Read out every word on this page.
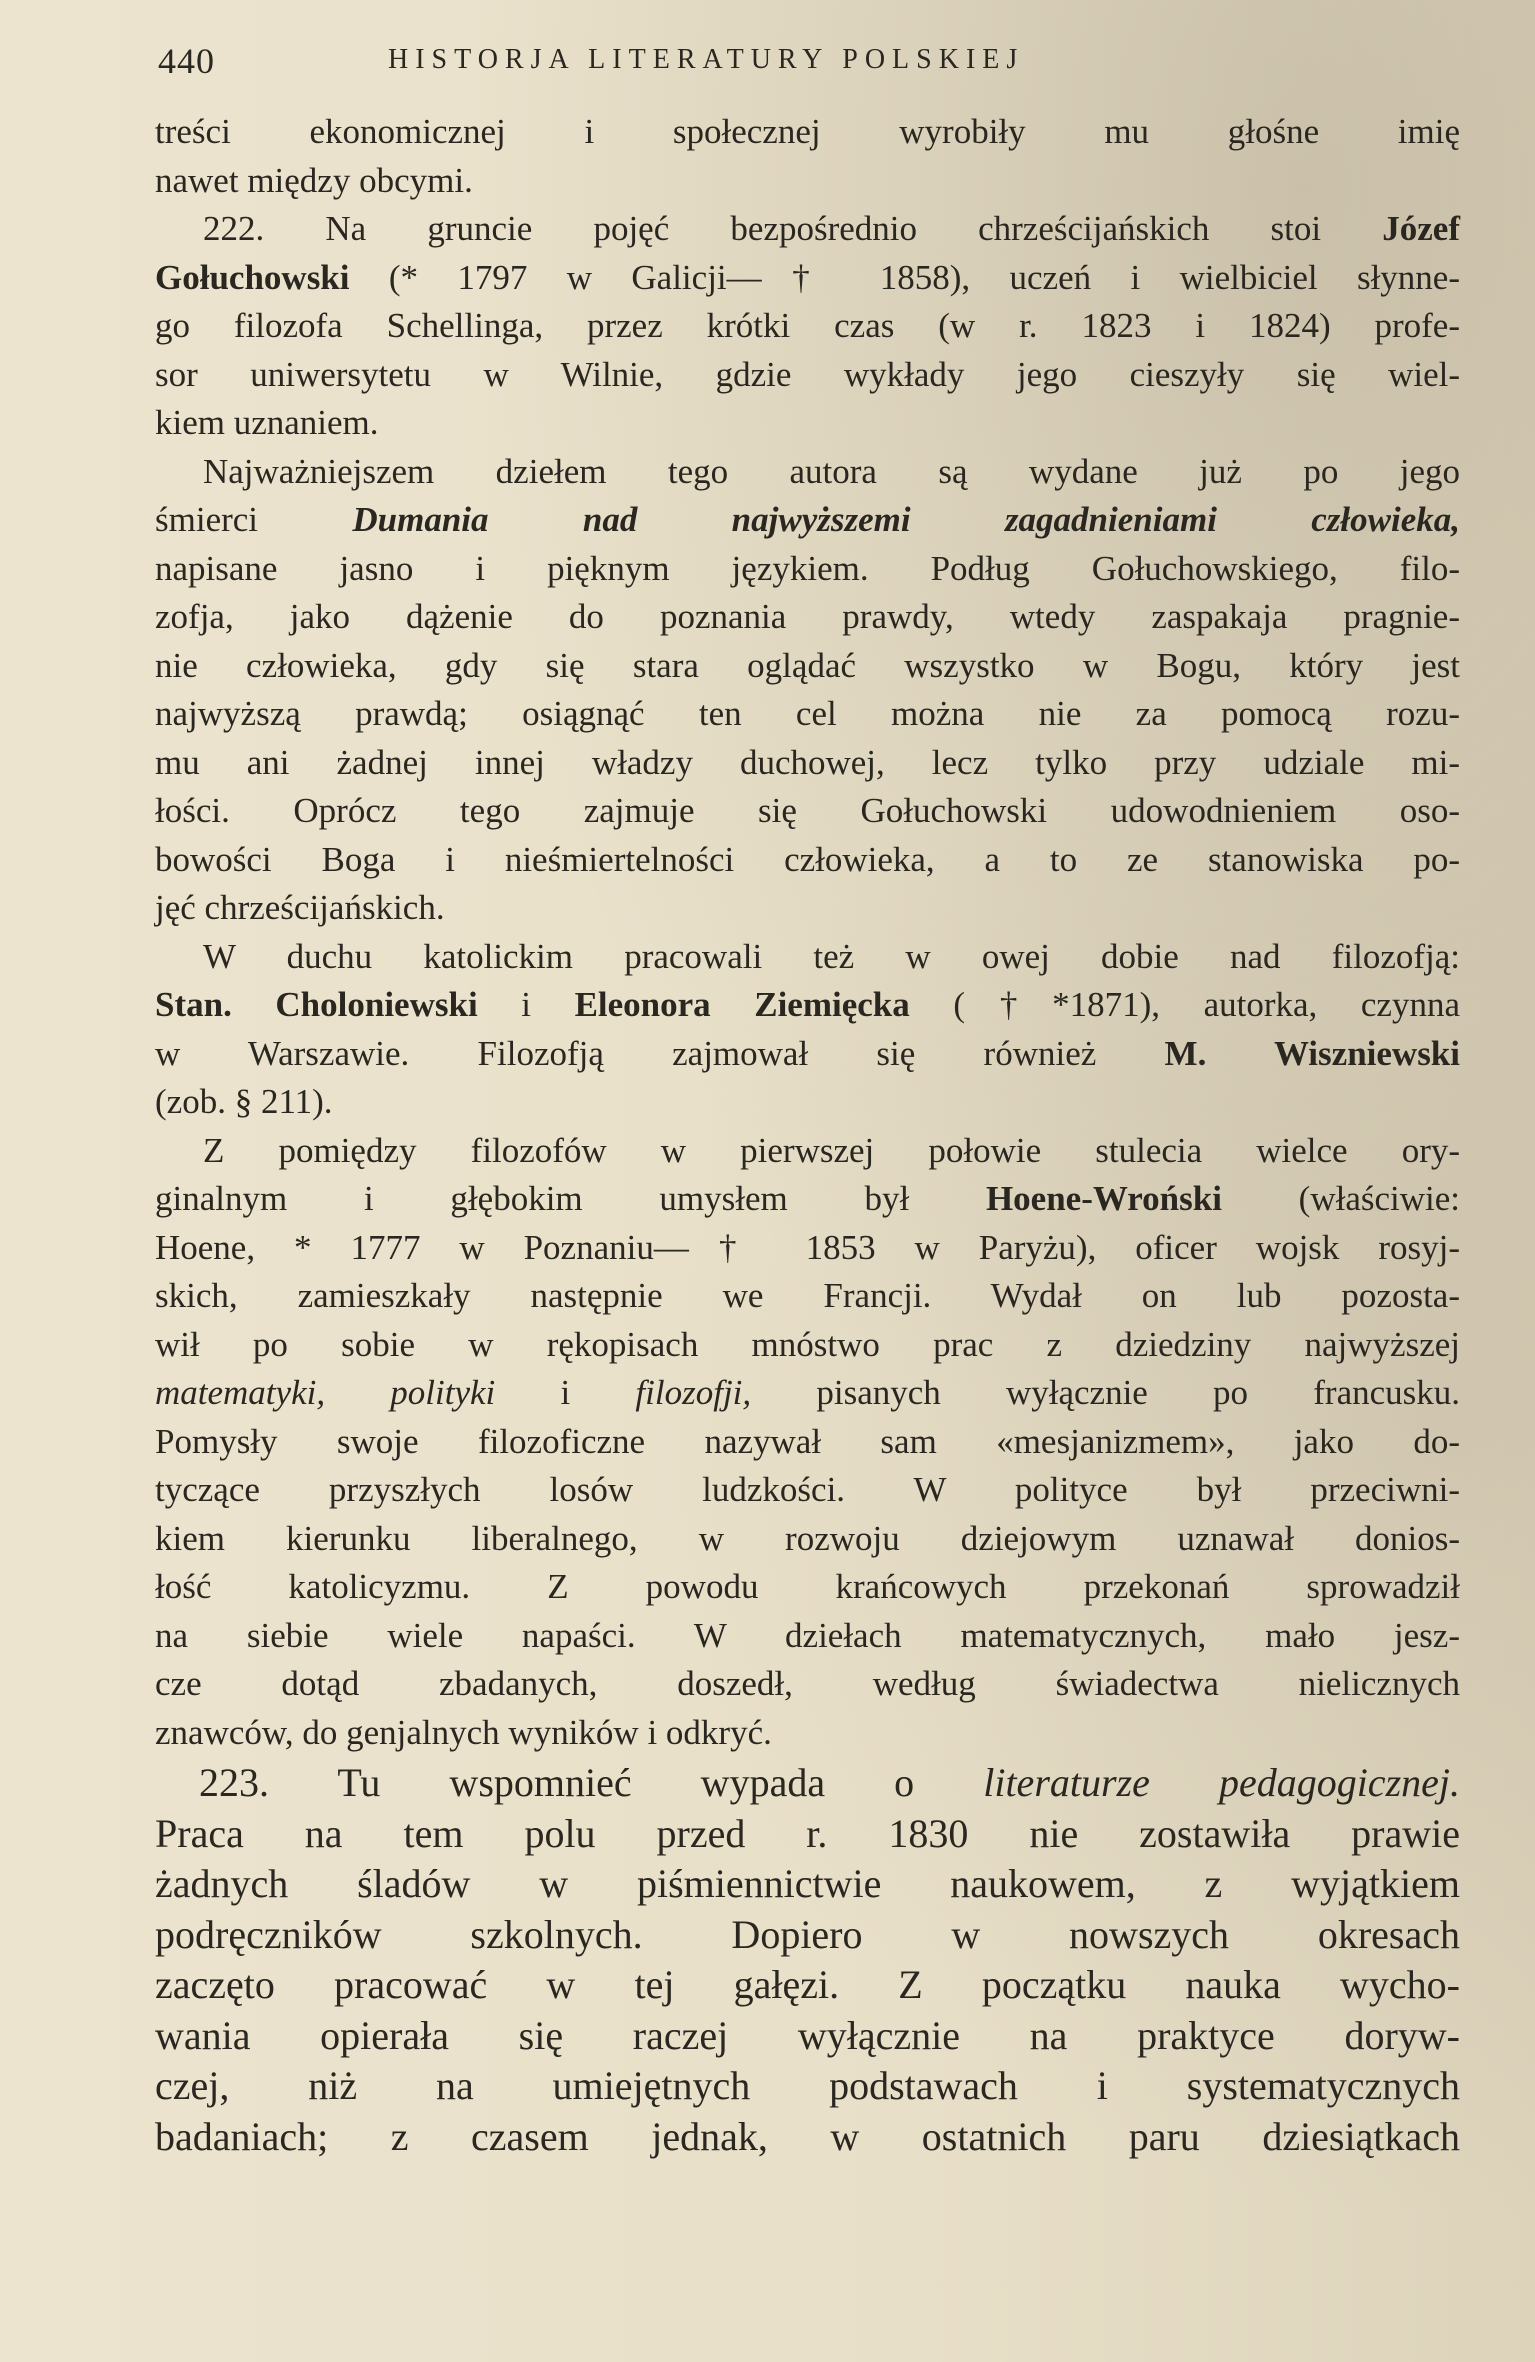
440	HISTORJA LITERATURY POLSKIEJ
treści ekonomicznej i społecznej wyrobiły mu głośne imię
nawet między obcymi.
222. Na gruncie pojęć bezpośrednio chrześcijańskich stoi Józef
Gołuchowski (* 1797 w Galicji—† 1858), uczeń i wielbiciel słynne-
go filozofa Schellinga, przez krótki czas (w r. 1823 i 1824) profe-
sor uniwersytetu w Wilnie, gdzie wykłady jego cieszyły się wiel-
kiem uznaniem.
Najważniejszem dziełem tego autora są wydane już po jego
śmierci Dumania nad najwyższemi zagadnieniami człowieka,
napisane jasno i pięknym językiem. Podług Gołuchowskiego, filo-
zofja, jako dążenie do poznania prawdy, wtedy zaspakaja pragnie-
nie człowieka, gdy się stara oglądać wszystko w Bogu, który jest
najwyższą prawdą; osiągnąć ten cel można nie za pomocą rozu-
mu ani żadnej innej władzy duchowej, lecz tylko przy udziale mi-
łości. Oprócz tego zajmuje się Gołuchowski udowodnieniem oso-
bowości Boga i nieśmiertelności człowieka, a to ze stanowiska po-
jęć chrześcijańskich.
W duchu katolickim pracowali też w owej dobie nad filozofją:
Stan. Choloniewski i Eleonora Ziemięcka (†*1871), autorka, czynna
w Warszawie. Filozofją zajmował się również M. Wiszniewski
(zob. § 211).
Z pomiędzy filozofów w pierwszej połowie stulecia wielce ory-
ginalnym i głębokim umysłem był Hoene-Wroński (właściwie:
Hoene, * 1777 w Poznaniu—† 1853 w Paryżu), oficer wojsk rosyj-
skich, zamieszkały następnie we Francji. Wydał on lub pozosta-
wił po sobie w rękopisach mnóstwo prac z dziedziny najwyższej
matematyki, polityki i filozofji, pisanych wyłącznie po francusku.
Pomysły swoje filozoficzne nazywał sam «mesjanizmem», jako do-
tyczące przyszłych losów ludzkości. W polityce był przeciwni-
kiem kierunku liberalnego, w rozwoju dziejowym uznawał donios-
łość katolicyzmu. Z powodu krańcowych przekonań sprowadził
na siebie wiele napaści. W dziełach matematycznych, mało jesz-
cze dotąd zbadanych, doszedł, według świadectwa nielicznych
znawców, do genjalnych wyników i odkryć.
223. Tu wspomnieć wypada o literaturze pedagogicznej.
Praca na tem polu przed r. 1830 nie zostawiła prawie
żadnych śladów w piśmiennictwie naukowem, z wyjątkiem
podręczników szkolnych. Dopiero w nowszych okresach
zaczęto pracować w tej gałęzi. Z początku nauka wycho-
wania opierała się raczej wyłącznie na praktyce doryw-
czej, niż na umiejętnych podstawach i systematycznych
badaniach; z czasem jednak, w ostatnich paru dziesiątkach
